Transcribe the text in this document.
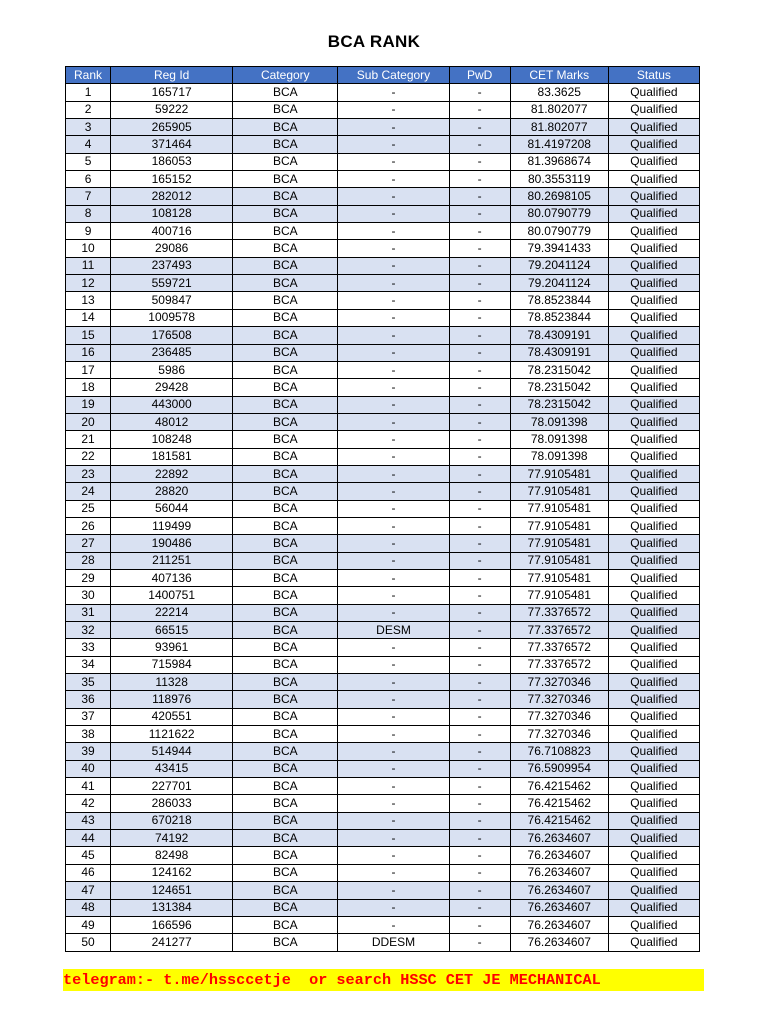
BCA RANK
Rank	Reg Id	Category	Sub Category	PwD	CET Marks	Status
1	165717	BCA	-	-	83.3625	Qualified
2	59222	BCA	-	-	81.802077	Qualified
3	265905	BCA	-	-	81.802077	Qualified
4	371464	BCA	-	-	81.4197208	Qualified
5	186053	BCA	-	-	81.3968674	Qualified
6	165152	BCA	-	-	80.3553119	Qualified
7	282012	BCA	-	-	80.2698105	Qualified
8	108128	BCA	-	-	80.0790779	Qualified
9	400716	BCA	-	-	80.0790779	Qualified
10	29086	BCA	-	-	79.3941433	Qualified
11	237493	BCA	-	-	79.2041124	Qualified
12	559721	BCA	-	-	79.2041124	Qualified
13	509847	BCA	-	-	78.8523844	Qualified
14	1009578	BCA	-	-	78.8523844	Qualified
15	176508	BCA	-	-	78.4309191	Qualified
16	236485	BCA	-	-	78.4309191	Qualified
17	5986	BCA	-	-	78.2315042	Qualified
18	29428	BCA	-	-	78.2315042	Qualified
19	443000	BCA	-	-	78.2315042	Qualified
20	48012	BCA	-	-	78.091398	Qualified
21	108248	BCA	-	-	78.091398	Qualified
22	181581	BCA	-	-	78.091398	Qualified
23	22892	BCA	-	-	77.9105481	Qualified
24	28820	BCA	-	-	77.9105481	Qualified
25	56044	BCA	-	-	77.9105481	Qualified
26	119499	BCA	-	-	77.9105481	Qualified
27	190486	BCA	-	-	77.9105481	Qualified
28	211251	BCA	-	-	77.9105481	Qualified
29	407136	BCA	-	-	77.9105481	Qualified
30	1400751	BCA	-	-	77.9105481	Qualified
31	22214	BCA	-	-	77.3376572	Qualified
32	66515	BCA	DESM	-	77.3376572	Qualified
33	93961	BCA	-	-	77.3376572	Qualified
34	715984	BCA	-	-	77.3376572	Qualified
35	11328	BCA	-	-	77.3270346	Qualified
36	118976	BCA	-	-	77.3270346	Qualified
37	420551	BCA	-	-	77.3270346	Qualified
38	1121622	BCA	-	-	77.3270346	Qualified
39	514944	BCA	-	-	76.7108823	Qualified
40	43415	BCA	-	-	76.5909954	Qualified
41	227701	BCA	-	-	76.4215462	Qualified
42	286033	BCA	-	-	76.4215462	Qualified
43	670218	BCA	-	-	76.4215462	Qualified
44	74192	BCA	-	-	76.2634607	Qualified
45	82498	BCA	-	-	76.2634607	Qualified
46	124162	BCA	-	-	76.2634607	Qualified
47	124651	BCA	-	-	76.2634607	Qualified
48	131384	BCA	-	-	76.2634607	Qualified
49	166596	BCA	-	-	76.2634607	Qualified
50	241277	BCA	DDESM	-	76.2634607	Qualified
telegram:- t.me/hssccetje  or search HSSC CET JE MECHANICAL
